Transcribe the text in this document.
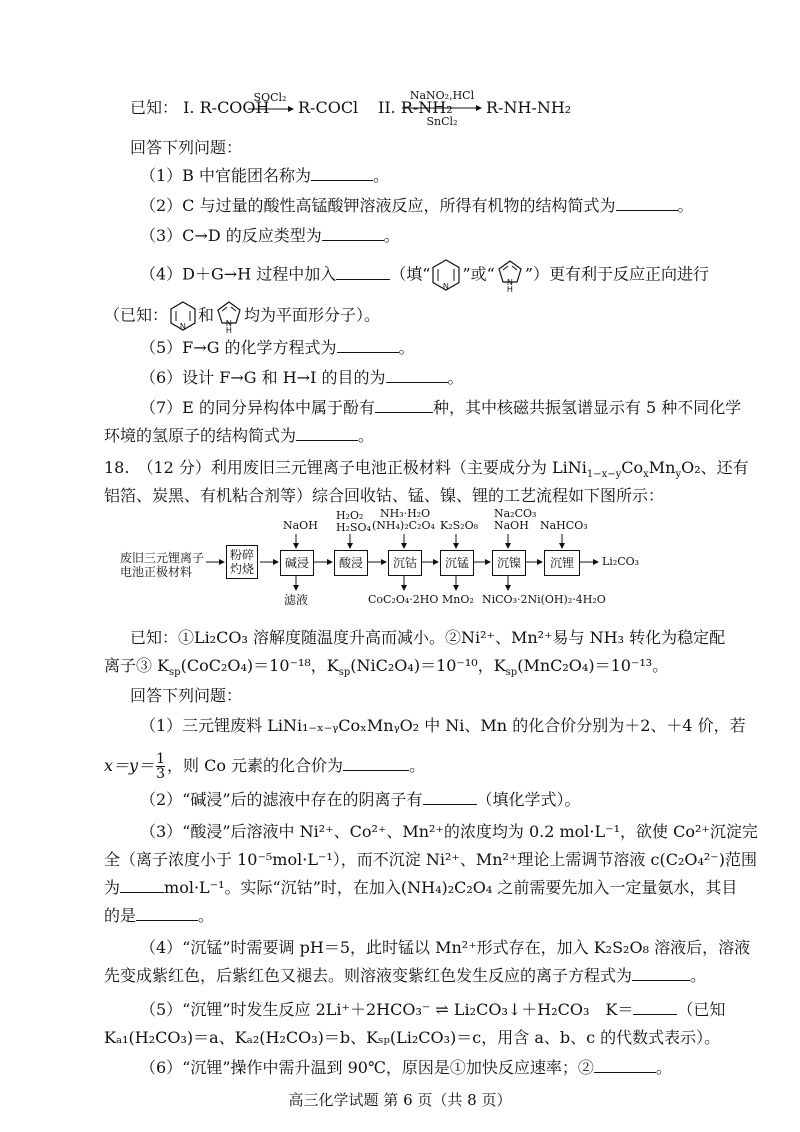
已知： I. R-COOH
SOCl₂
→ R-COCl II. R-NH₂
NaNO₂,HCl
SnCl₂
R-NH-NH₂
回答下列问题：
（1）B 中官能团名称为	。
（2）C 与过量的酸性高锰酸钾溶液反应，所得有机物的结构简式为	。
（3）C→D 的反应类型为	。
（4）D＋G→H 过程中加入	（填“
N
”或“ N
H
”）更有利于反应正向进行
（已知：
N
和 N
H
均为平面形分子）。
（5）F→G 的化学方程式为	。
（6）设计 F→G 和 H→I 的目的为	。
（7）E 的同分异构体中属于酚有	种，其中核磁共振氢谱显示有 5 种不同化学
环境的氢原子的结构简式为	。
18.　（12 分）利用废旧三元锂离子电池正极材料（主要成分为 $LiNi_{1-x-y}Co_xMn_yO_2$、还有
铝箔、炭黑、有机粘合剂等）综合回收钴、锰、镍、锂的工艺流程如下图所示：
废旧三元锂离子
电池正极材料
粉碎
灼烧	碱浸	酸浸	沉钴	沉锰	沉镍	沉锂
NaOH
H₂O₂
H₂SO₄
NH₃·H₂O
(NH₄)₂C₂O₄ K₂S₂O₈
Na₂CO₃
NaOH NaHCO₃
滤液	CoC₂O₄·2HO MnO₂ NiCO₃·2Ni(OH)₂·4H₂O
Li₂CO₃
已知：①Li₂CO₃ 溶解度随温度升高而减小。②Ni²⁺、Mn²⁺易与 NH₃ 转化为稳定配
离子③ $K_{sp}(CoC_2O_4)=10^{-18}$，$K_{sp}(NiC_2O_4)=10^{-10}$，$K_{sp}(MnC_2O_4)=10^{-13}$。
回答下列问题：
（1）三元锂废料 LiNi₁₋ₓ₋ᵧCoₓMnᵧO₂ 中 Ni、Mn 的化合价分别为＋2、＋4 价，若
$x=y= \frac{1}{3}$ ，则 Co 元素的化合价为	。
（2）“碱浸”后的滤液中存在的阴离子有	（填化学式）。
（3）“酸浸”后溶液中 Ni²⁺、Co²⁺、Mn²⁺的浓度均为 0.2 mol·L⁻¹，欲使 Co²⁺沉淀完
全（离子浓度小于 10⁻⁵mol·L⁻¹），而不沉淀 Ni²⁺、Mn²⁺理论上需调节溶液 c(C₂O₄²⁻)范围
为	mol·L⁻¹。实际“沉钴”时，在加入(NH₄)₂C₂O₄ 之前需要先加入一定量氨水，其目
的是	。
（4）“沉锰”时需要调 pH＝5，此时锰以 Mn²⁺形式存在，加入 K₂S₂O₈ 溶液后，溶液
先变成紫红色，后紫红色又褪去。则溶液变紫红色发生反应的离子方程式为	。
（5）“沉锂”时发生反应 2Li⁺＋2HCO₃⁻ ⇌ Li₂CO₃↓＋H₂CO₃　K＝	（已知
Kₐ₁(H₂CO₃)＝a、Kₐ₂(H₂CO₃)＝b、Kₛₚ(Li₂CO₃)＝c，用含 a、b、c 的代数式表示）。
（6）“沉锂”操作中需升温到 90℃，原因是①加快反应速率；②	。
高三化学试题 第 6 页（共 8 页）
